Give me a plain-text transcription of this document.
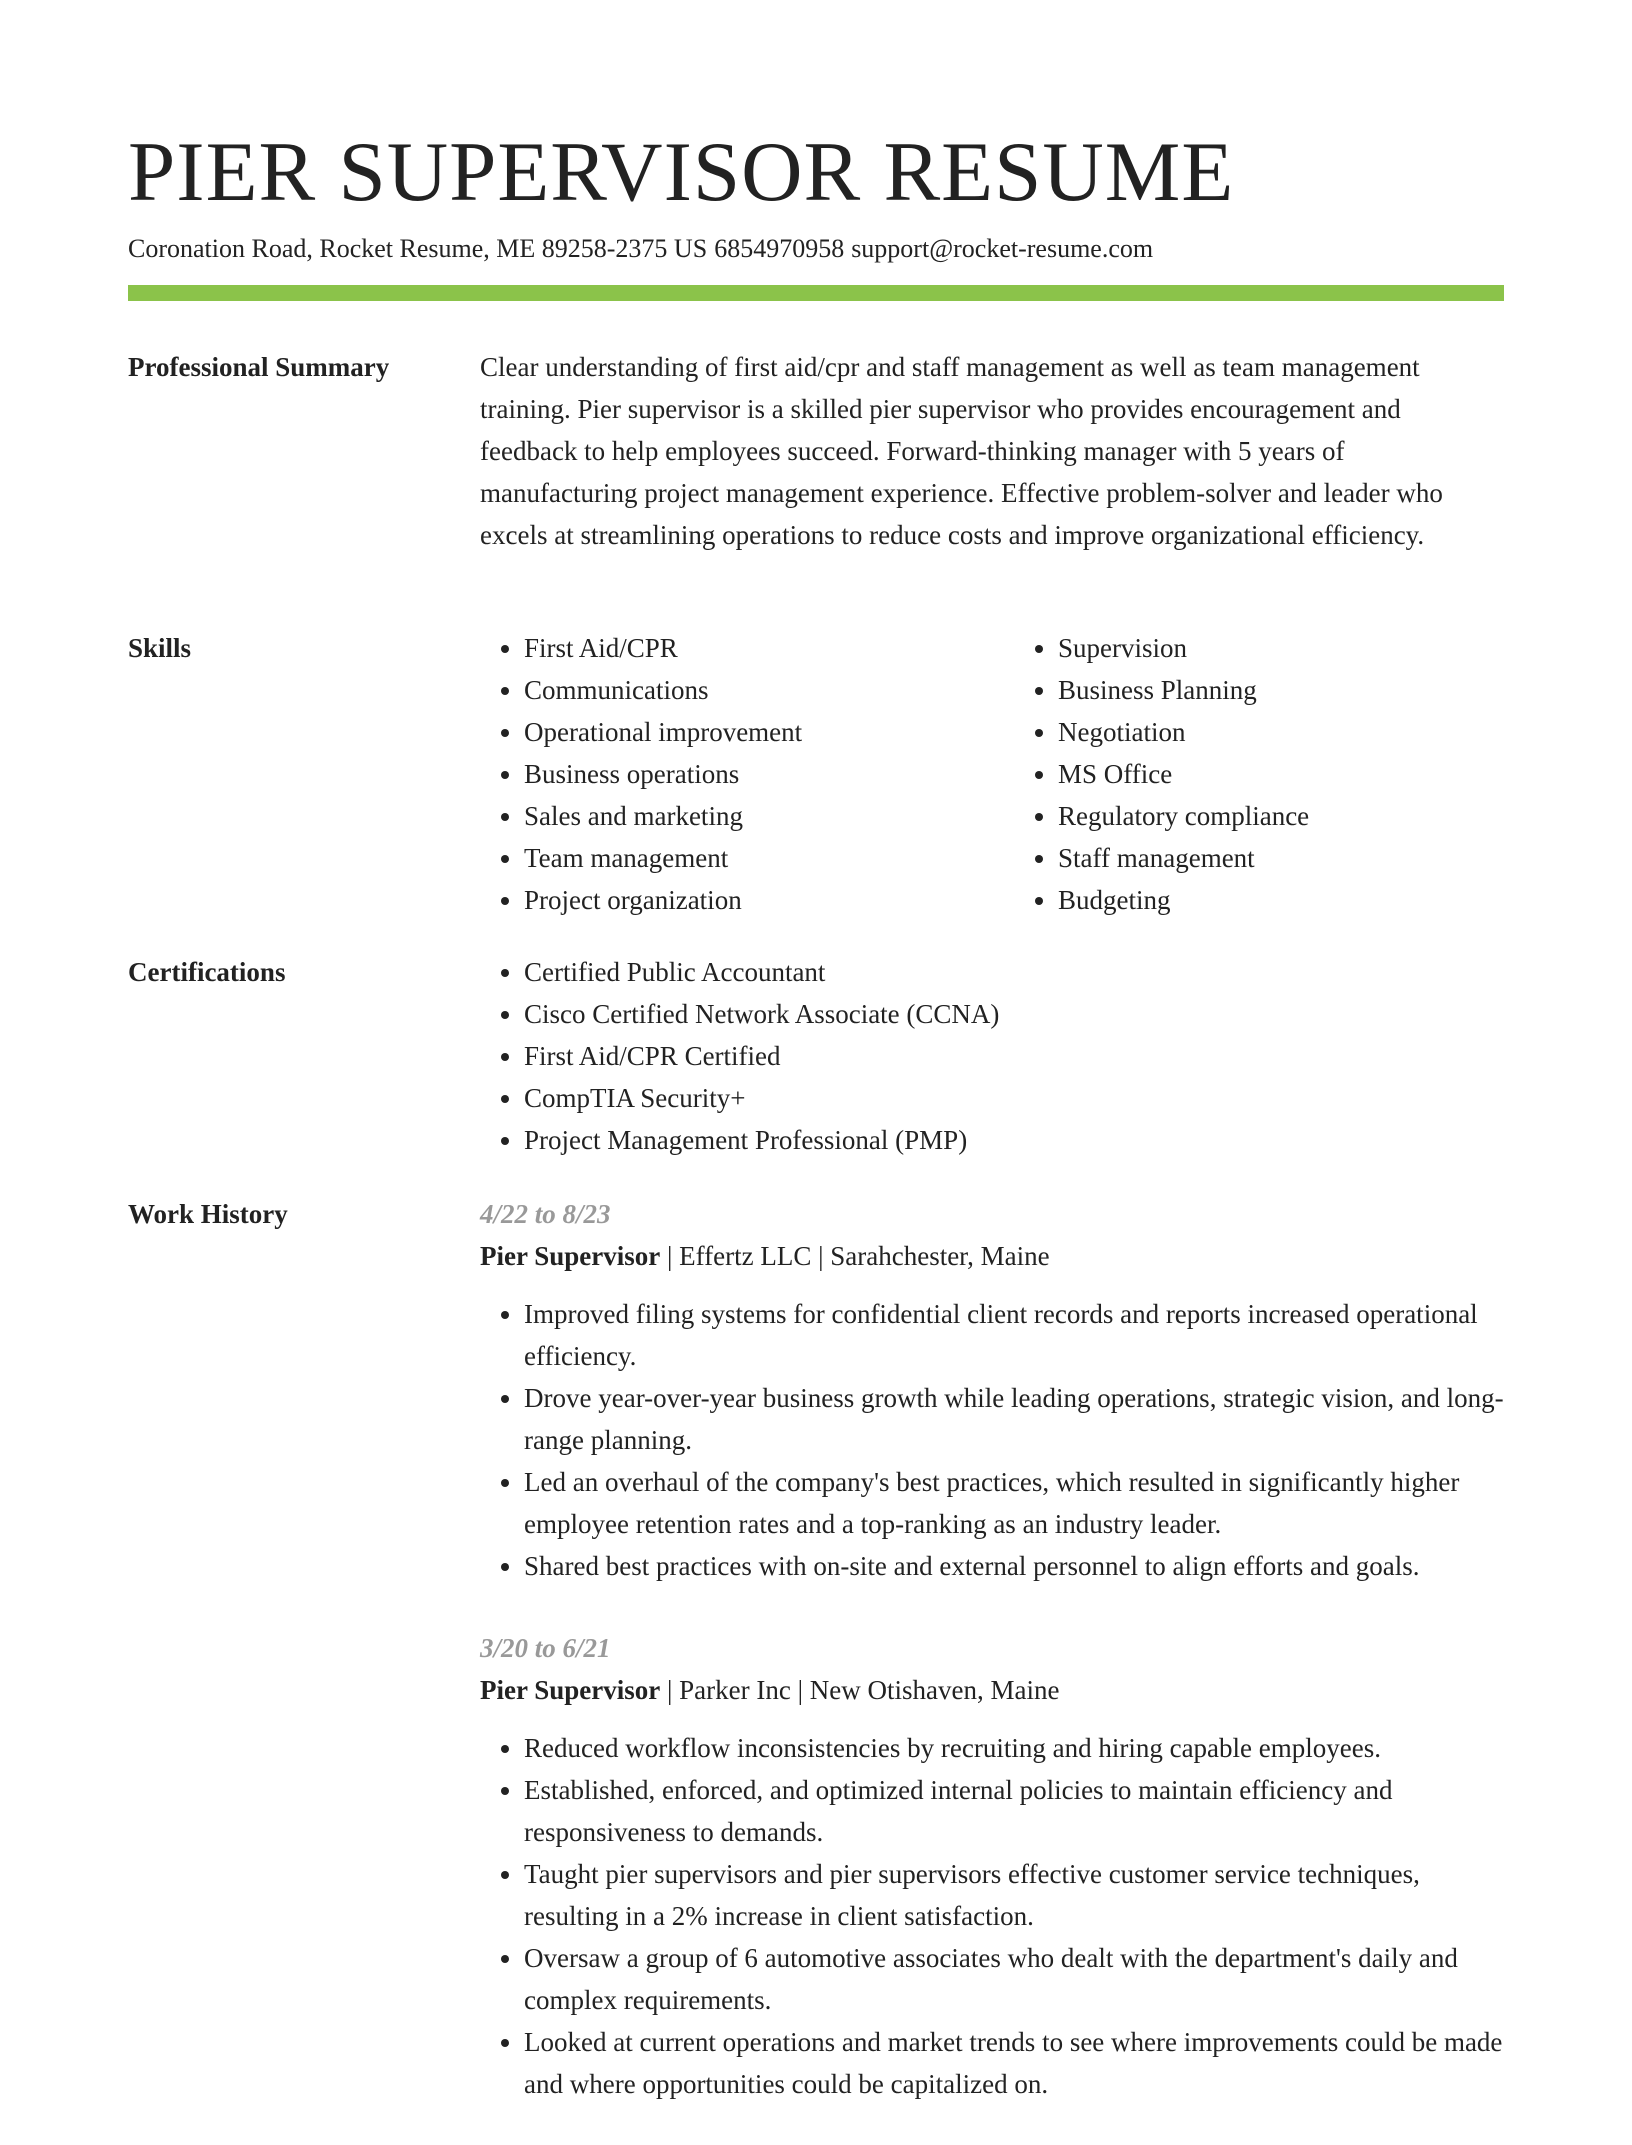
PIER SUPERVISOR RESUME
Coronation Road, Rocket Resume, ME 89258-2375 US 6854970958 support@rocket-resume.com
Professional Summary	Clear understanding of first aid/cpr and staff management as well as team management training. Pier supervisor is a skilled pier supervisor who provides encouragement and feedback to help employees succeed. Forward-thinking manager with 5 years of manufacturing project management experience. Effective problem-solver and leader who excels at streamlining operations to reduce costs and improve organizational efficiency.

Skills	• First Aid/CPR
• Communications
• Operational improvement
• Business operations
• Sales and marketing
• Team management
• Project organization
• Supervision
• Business Planning
• Negotiation
• MS Office
• Regulatory compliance
• Staff management
• Budgeting
Certifications	• Certified Public Accountant
• Cisco Certified Network Associate (CCNA)
• First Aid/CPR Certified
• CompTIA Security+
• Project Management Professional (PMP)
Work History	4/22 to 8/23
Pier Supervisor | Effertz LLC | Sarahchester, Maine
• Improved filing systems for confidential client records and reports increased operational efficiency.
• Drove year-over-year business growth while leading operations, strategic vision, and long-range planning.
• Led an overhaul of the company's best practices, which resulted in significantly higher employee retention rates and a top-ranking as an industry leader.
• Shared best practices with on-site and external personnel to align efforts and goals.
3/20 to 6/21
Pier Supervisor | Parker Inc | New Otishaven, Maine
• Reduced workflow inconsistencies by recruiting and hiring capable employees.
• Established, enforced, and optimized internal policies to maintain efficiency and responsiveness to demands.
• Taught pier supervisors and pier supervisors effective customer service techniques, resulting in a 2% increase in client satisfaction.
• Oversaw a group of 6 automotive associates who dealt with the department's daily and complex requirements.
• Looked at current operations and market trends to see where improvements could be made and where opportunities could be capitalized on.
